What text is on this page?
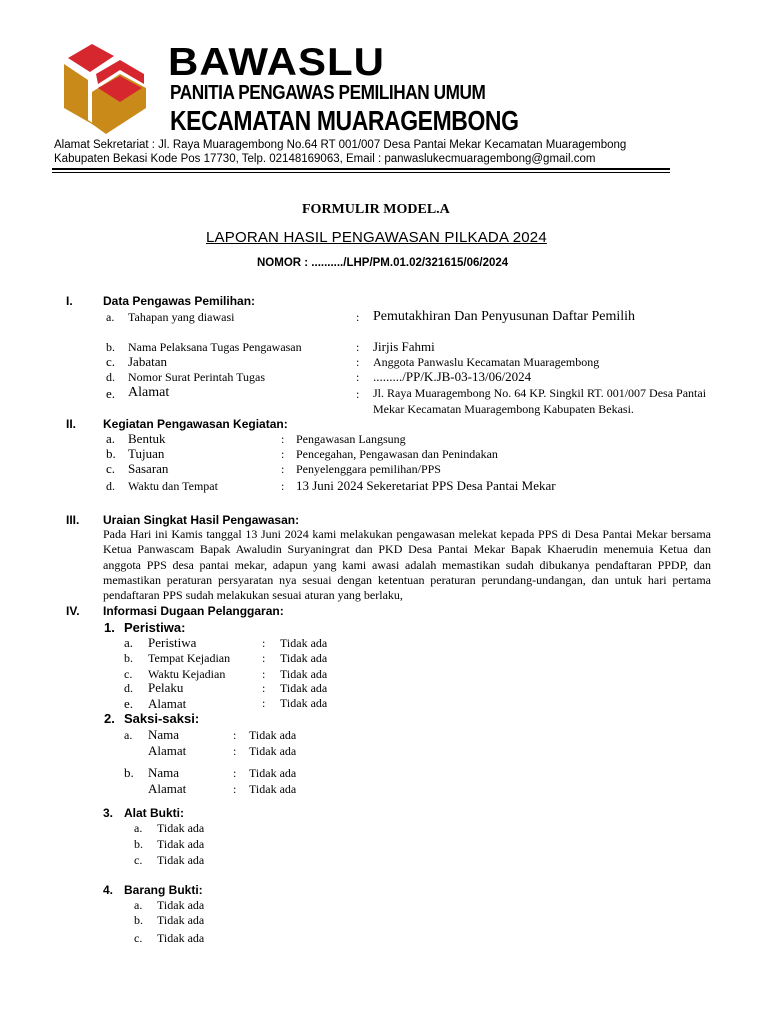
BAWASLU
PANITIA PENGAWAS PEMILIHAN UMUM
KECAMATAN MUARAGEMBONG
Alamat Sekretariat : Jl. Raya Muaragembong No.64 RT 001/007 Desa Pantai Mekar Kecamatan Muaragembong
Kabupaten Bekasi Kode Pos 17730, Telp. 02148169063, Email : panwaslukecmuaragembong@gmail.com
FORMULIR MODEL.A
LAPORAN HASIL PENGAWASAN PILKADA 2024
NOMOR : ........../LHP/PM.01.02/321615/06/2024
I.	Data Pengawas Pemilihan:
a. Tahapan yang diawasi	: Pemutakhiran Dan Penyusunan Daftar Pemilih
b. Nama Pelaksana Tugas Pengawasan	: Jirjis Fahmi
c. Jabatan	: Anggota Panwaslu Kecamatan Muaragembong
d. Nomor Surat Perintah Tugas	: ........./PP/K.JB-03-13/06/2024
e. Alamat	: Jl. Raya Muaragembong No. 64 KP. Singkil RT. 001/007 Desa Pantai
Mekar Kecamatan Muaragembong Kabupaten Bekasi.
II. Kegiatan Pengawasan Kegiatan:
a. Bentuk	: Pengawasan Langsung
b. Tujuan	: Pencegahan, Pengawasan dan Penindakan
c. Sasaran	: Penyelenggara pemilihan/PPS
d. Waktu dan Tempat	: 13 Juni 2024 Sekeretariat PPS Desa Pantai Mekar
III. Uraian Singkat Hasil Pengawasan:
Pada Hari ini Kamis tanggal 13 Juni 2024 kami melakukan pengawasan melekat kepada PPS di Desa Pantai Mekar bersama Ketua Panwascam Bapak Awaludin Suryaningrat dan PKD Desa Pantai Mekar Bapak Khaerudin menemuia Ketua dan anggota PPS desa pantai mekar, adapun yang kami awasi adalah memastikan sudah dibukanya pendaftaran PPDP, dan memastikan peraturan persyaratan nya sesuai dengan ketentuan peraturan perundang-undangan, dan untuk hari pertama pendaftaran PPS sudah melakukan sesuai aturan yang berlaku,
IV. Informasi Dugaan Pelanggaran:
1. Peristiwa:
a. Peristiwa	: Tidak ada
b. Tempat Kejadian	: Tidak ada
c. Waktu Kejadian	: Tidak ada
d. Pelaku	: Tidak ada
e. Alamat	: Tidak ada
2. Saksi-saksi:
a. Nama	: Tidak ada
Alamat	: Tidak ada
b. Nama	: Tidak ada
Alamat	: Tidak ada
3. Alat Bukti:
a. Tidak ada
b. Tidak ada
c. Tidak ada
4. Barang Bukti:
a. Tidak ada
b. Tidak ada
c. Tidak ada
